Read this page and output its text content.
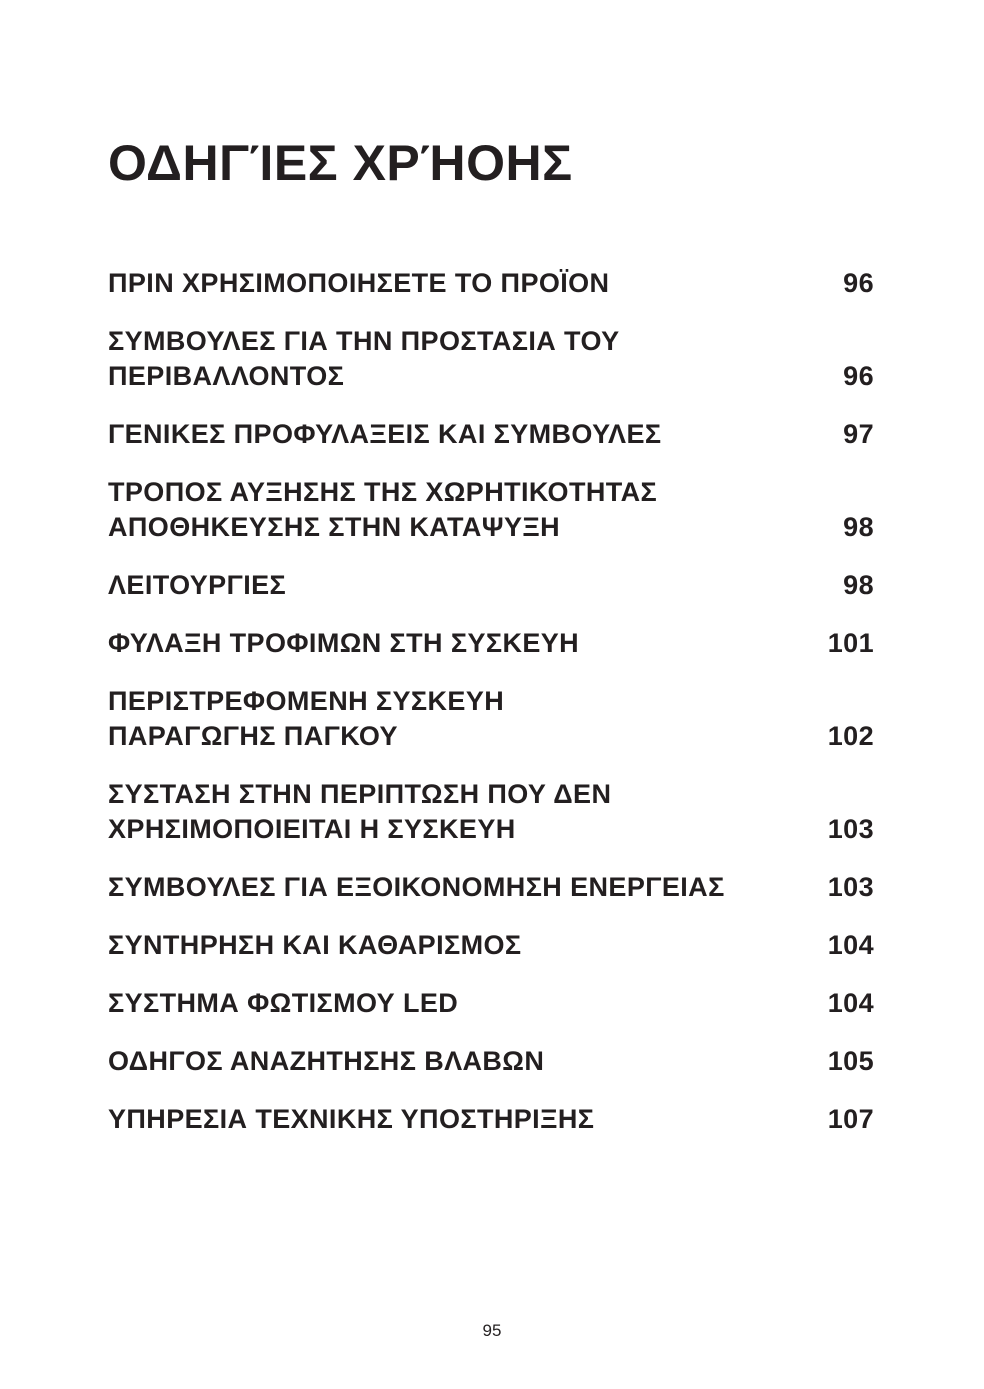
ΟΔΗΓΊΕΣ ΧΡΉΟΗΣ
ΠΡΙΝ ΧΡΗΣΙΜΟΠΟΙΗΣΕΤΕ ΤΟ ΠΡΟΪΟΝ	96
ΣΥΜΒΟΥΛΕΣ ΓΙΑ ΤΗΝ ΠΡΟΣΤΑΣΙΑ ΤΟΥ
ΠΕΡΙΒΑΛΛΟΝΤΟΣ	96
ΓΕΝΙΚΕΣ ΠΡΟΦΥΛΑΞΕΙΣ ΚΑΙ ΣΥΜΒΟΥΛΕΣ	97
ΤΡΟΠΟΣ ΑΥΞΗΣΗΣ ΤΗΣ ΧΩΡΗΤΙΚΟΤΗΤΑΣ
ΑΠΟΘΗΚΕΥΣΗΣ ΣΤΗΝ ΚΑΤΑΨΥΞΗ	98
ΛΕΙΤΟΥΡΓΙΕΣ	98
ΦΥΛΑΞΗ ΤΡΟΦΙΜΩΝ ΣΤΗ ΣΥΣΚΕΥΗ	101
ΠΕΡΙΣΤΡΕΦΟΜΕΝΗ ΣΥΣΚΕΥΗ
ΠΑΡΑΓΩΓΗΣ ΠΑΓΚΟΥ	102
ΣΥΣΤΑΣΗ ΣΤΗΝ ΠΕΡΙΠΤΩΣΗ ΠΟΥ ΔΕΝ
ΧΡΗΣΙΜΟΠΟΙΕΙΤΑΙ Η ΣΥΣΚΕΥΗ	103
ΣΥΜΒΟΥΛΕΣ ΓΙΑ ΕΞΟΙΚΟΝΟΜΗΣΗ ΕΝΕΡΓΕΙΑΣ	103
ΣΥΝΤΗΡΗΣΗ ΚΑΙ ΚΑΘΑΡΙΣΜΟΣ	104
ΣΥΣΤΗΜΑ ΦΩΤΙΣΜΟΥ LED	104
ΟΔΗΓΟΣ ΑΝΑΖΗΤΗΣΗΣ ΒΛΑΒΩΝ	105
ΥΠΗΡΕΣΙΑ ΤΕΧΝΙΚΗΣ ΥΠΟΣΤΗΡΙΞΗΣ	107
95
